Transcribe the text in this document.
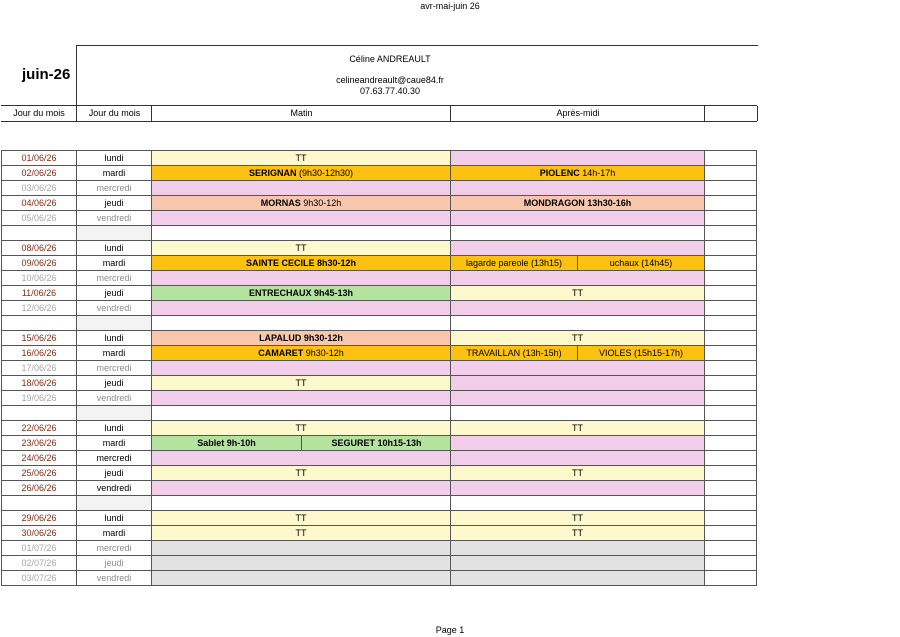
avr-mai-juin 26
juin-26
Céline ANDREAULT
celineandreault@caue84.fr
07.63.77.40.30
Jour du mois	Jour du mois	Matin	Après-midi
01/06/26	lundi	TT
02/06/26	mardi	SERIGNAN (9h30-12h30)	PIOLENC 14h-17h
03/06/26	mercredi
04/06/26	jeudi	MORNAS 9h30-12h	MONDRAGON 13h30-16h
05/06/26	vendredi
08/06/26	lundi	TT
09/06/26	mardi	SAINTE CECILE 8h30-12h	lagarde pareole (13h15)	uchaux (14h45)
10/06/26	mercredi
11/06/26	jeudi	ENTRECHAUX 9h45-13h	TT
12/06/26	vendredi
15/06/26	lundi	LAPALUD 9h30-12h	TT
16/06/26	mardi	CAMARET 9h30-12h	TRAVAILLAN (13h-15h)	VIOLES (15h15-17h)
17/06/26	mercredi
18/06/26	jeudi	TT
19/06/26	vendredi
22/06/26	lundi	TT	TT
23/06/26	mardi	Sablet 9h-10h	SEGURET 10h15-13h
24/06/26	mercredi
25/06/26	jeudi	TT	TT
26/06/26	vendredi
29/06/26	lundi	TT	TT
30/06/26	mardi	TT	TT
01/07/26	mercredi
02/07/26	jeudi
03/07/26	vendredi
Page 1
